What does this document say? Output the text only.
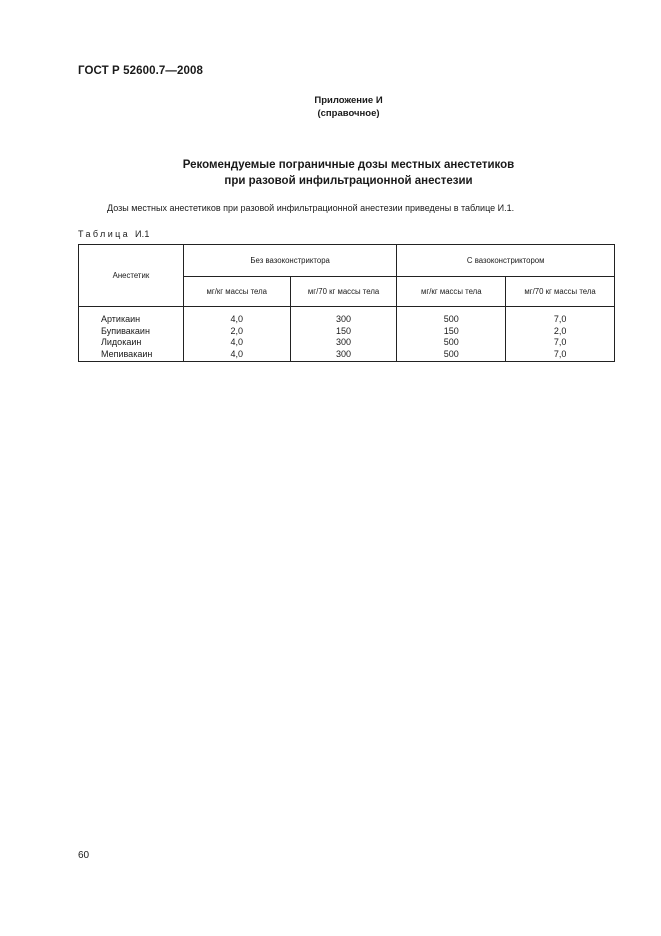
ГОСТ Р 52600.7—2008
Приложение И
(справочное)
Рекомендуемые пограничные дозы местных анестетиков
при разовой инфильтрационной анестезии
Дозы местных анестетиков при разовой инфильтрационной анестезии приведены в таблице И.1.
Таблица И.1
Анестетик	Без вазоконстриктора		С вазоконстриктором	
	мг/кг массы тела	мг/70 кг массы тела	мг/кг массы тела	мг/70 кг массы тела
Артикаин	4,0	300	500	7,0
Бупивакаин	2,0	150	150	2,0
Лидокаин	4,0	300	500	7,0
Мепивакаин	4,0	300	500	7,0
60
